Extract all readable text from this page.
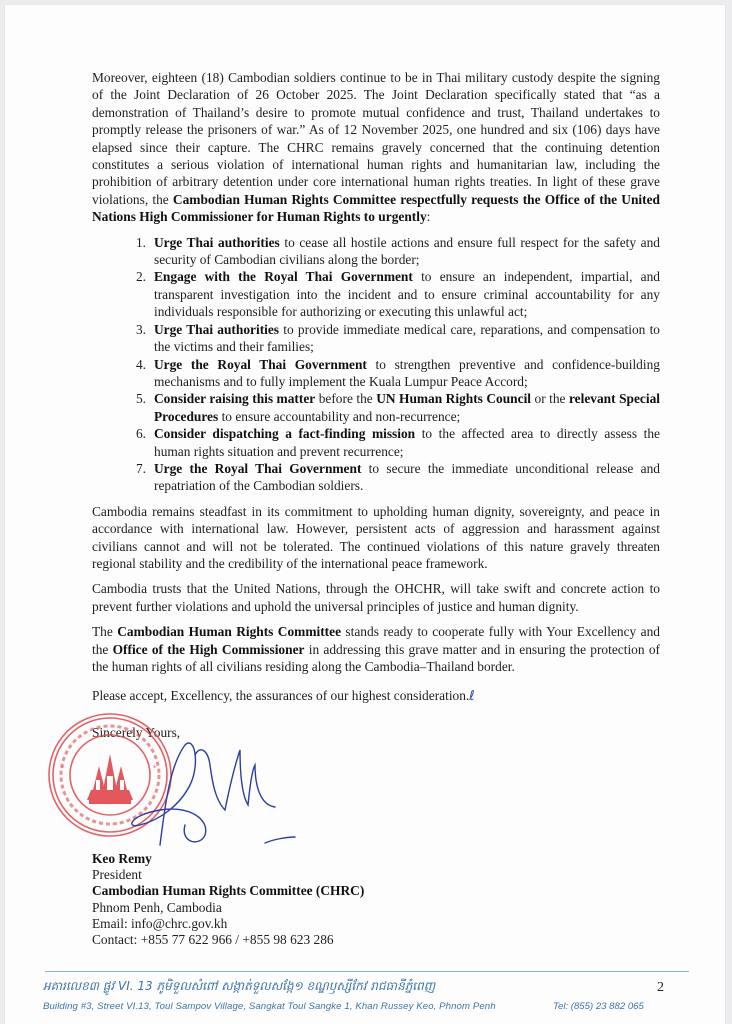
Moreover, eighteen (18) Cambodian soldiers continue to be in Thai military custody despite the signing of the Joint Declaration of 26 October 2025. The Joint Declaration specifically stated that “as a demonstration of Thailand’s desire to promote mutual confidence and trust, Thailand undertakes to promptly release the prisoners of war.” As of 12 November 2025, one hundred and six (106) days have elapsed since their capture. The CHRC remains gravely concerned that the continuing detention constitutes a serious violation of international human rights and humanitarian law, including the prohibition of arbitrary detention under core international human rights treaties. In light of these grave violations, the Cambodian Human Rights Committee respectfully requests the Office of the United Nations High Commissioner for Human Rights to urgently:

1. Urge Thai authorities to cease all hostile actions and ensure full respect for the safety and security of Cambodian civilians along the border;
2. Engage with the Royal Thai Government to ensure an independent, impartial, and transparent investigation into the incident and to ensure criminal accountability for any individuals responsible for authorizing or executing this unlawful act;
3. Urge Thai authorities to provide immediate medical care, reparations, and compensation to the victims and their families;
4. Urge the Royal Thai Government to strengthen preventive and confidence-building mechanisms and to fully implement the Kuala Lumpur Peace Accord;
5. Consider raising this matter before the UN Human Rights Council or the relevant Special Procedures to ensure accountability and non-recurrence;
6. Consider dispatching a fact-finding mission to the affected area to directly assess the human rights situation and prevent recurrence;
7. Urge the Royal Thai Government to secure the immediate unconditional release and repatriation of the Cambodian soldiers.

Cambodia remains steadfast in its commitment to upholding human dignity, sovereignty, and peace in accordance with international law. However, persistent acts of aggression and harassment against civilians cannot and will not be tolerated. The continued violations of this nature gravely threaten regional stability and the credibility of the international peace framework.

Cambodia trusts that the United Nations, through the OHCHR, will take swift and concrete action to prevent further violations and uphold the universal principles of justice and human dignity.

The Cambodian Human Rights Committee stands ready to cooperate fully with Your Excellency and the Office of the High Commissioner in addressing this grave matter and in ensuring the protection of the human rights of all civilians residing along the Cambodia–Thailand border.

Please accept, Excellency, the assurances of our highest consideration.ℓ

Sincerely Yours,

*	*
Keo Remy
President
Cambodian Human Rights Committee (CHRC)
Phnom Penh, Cambodia
Email: info@chrc.gov.kh
Contact: +855 77 622 966 / +855 98 623 286
អគារលេខ៣ ផ្លូវ VI. 13 ភូមិទួលសំពៅ សង្កាត់ទួលសង្កែ១ ខណ្ឌឫស្សីកែវ រាជធានីភ្នំពេញ	2
Building #3, Street VI.13, Toul Sampov Village, Sangkat Toul Sangke 1, Khan Russey Keo, Phnom Penh	Tel: (855) 23 882 065
